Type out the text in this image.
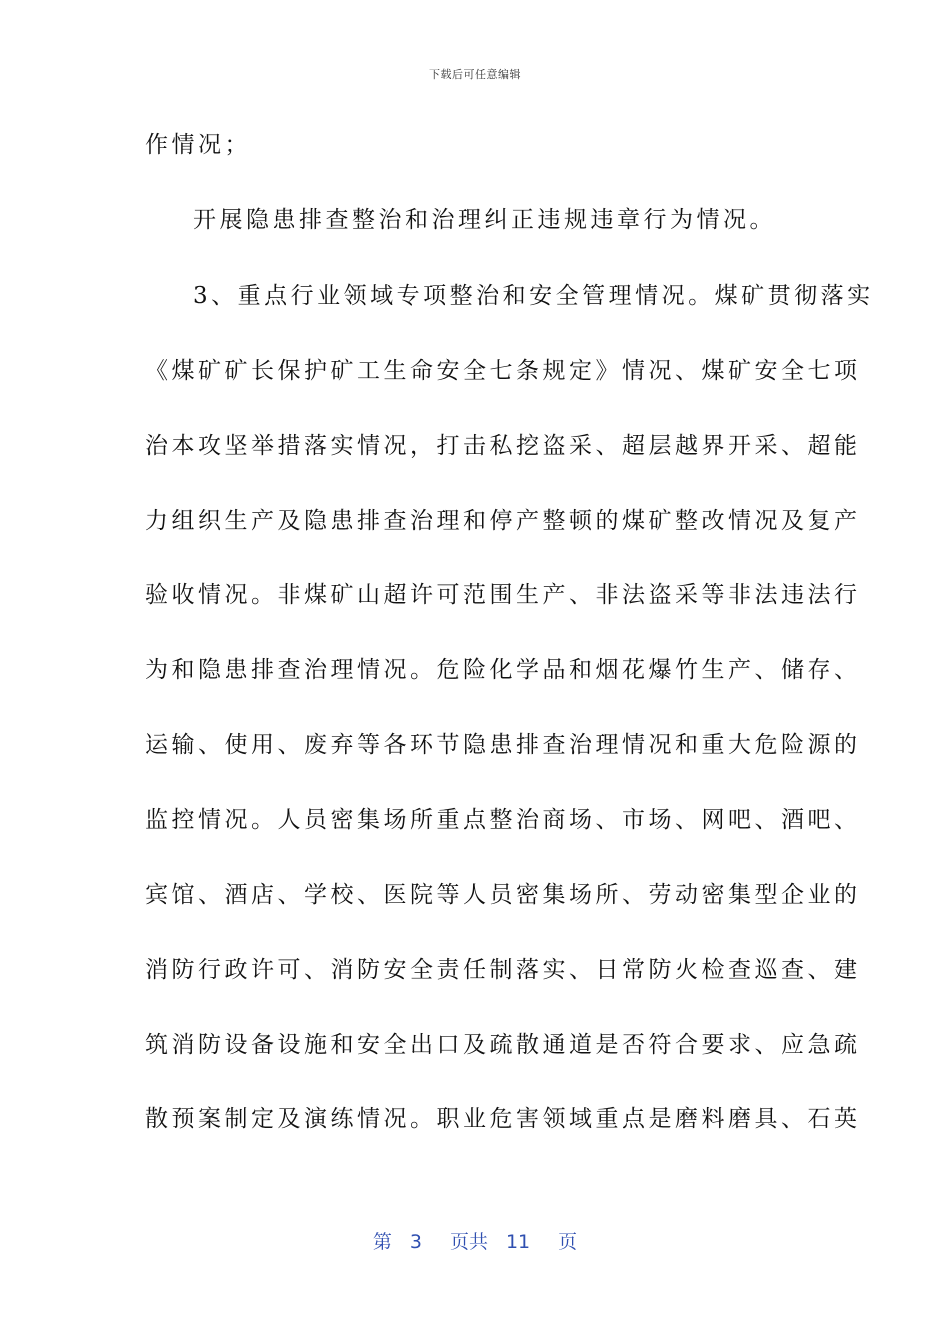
下载后可任意编辑
作情况；
开展隐患排查整治和治理纠正违规违章行为情况。
3、重点行业领域专项整治和安全管理情况。煤矿贯彻落实
《煤矿矿长保护矿工生命安全七条规定》情况、煤矿安全七项
治本攻坚举措落实情况，打击私挖盗采、超层越界开采、超能
力组织生产及隐患排查治理和停产整顿的煤矿整改情况及复产
验收情况。非煤矿山超许可范围生产、非法盗采等非法违法行
为和隐患排查治理情况。危险化学品和烟花爆竹生产、储存、
运输、使用、废弃等各环节隐患排查治理情况和重大危险源的
监控情况。人员密集场所重点整治商场、市场、网吧、酒吧、
宾馆、酒店、学校、医院等人员密集场所、劳动密集型企业的
消防行政许可、消防安全责任制落实、日常防火检查巡查、建
筑消防设备设施和安全出口及疏散通道是否符合要求、应急疏
散预案制定及演练情况。职业危害领域重点是磨料磨具、石英
第 3 页共 11 页
